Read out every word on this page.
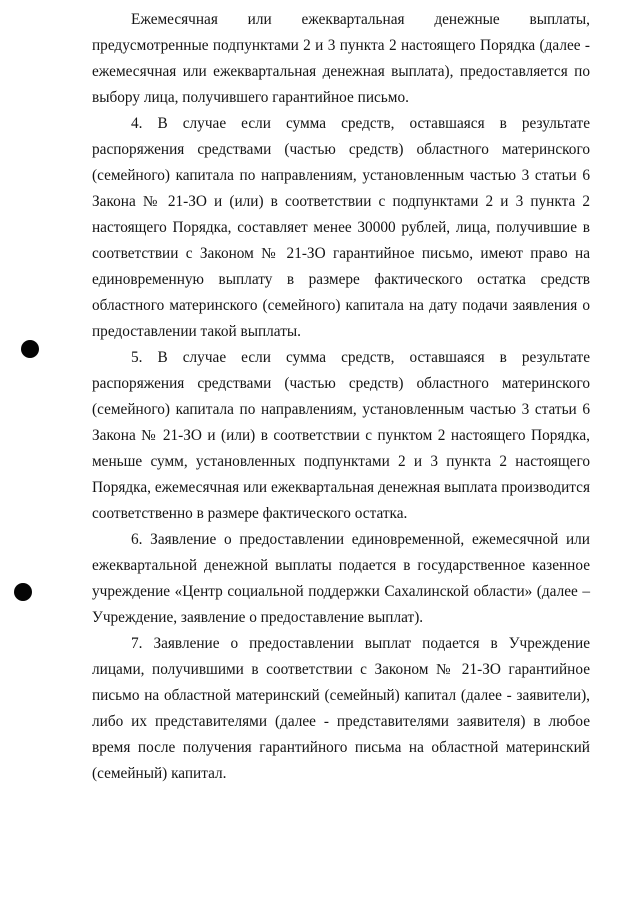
Ежемесячная или ежеквартальная денежные выплаты, предусмотренные подпунктами 2 и 3 пункта 2 настоящего Порядка (далее - ежемесячная или ежеквартальная денежная выплата), предоставляется по выбору лица, получившего гарантийное письмо.

4. В случае если сумма средств, оставшаяся в результате распоряжения средствами (частью средств) областного материнского (семейного) капитала по направлениям, установленным частью 3 статьи 6 Закона № 21-ЗО и (или) в соответствии с подпунктами 2 и 3 пункта 2 настоящего Порядка, составляет менее 30000 рублей, лица, получившие в соответствии с Законом № 21-ЗО гарантийное письмо, имеют право на единовременную выплату в размере фактического остатка средств областного материнского (семейного) капитала на дату подачи заявления о предоставлении такой выплаты.

5. В случае если сумма средств, оставшаяся в результате распоряжения средствами (частью средств) областного материнского (семейного) капитала по направлениям, установленным частью 3 статьи 6 Закона № 21-ЗО и (или) в соответствии с пунктом 2 настоящего Порядка, меньше сумм, установленных подпунктами 2 и 3 пункта 2 настоящего Порядка, ежемесячная или ежеквартальная денежная выплата производится соответственно в размере фактического остатка.

6. Заявление о предоставлении единовременной, ежемесячной или ежеквартальной денежной выплаты подается в государственное казенное учреждение «Центр социальной поддержки Сахалинской области» (далее – Учреждение, заявление о предоставление выплат).

7. Заявление о предоставлении выплат подается в Учреждение лицами, получившими в соответствии с Законом № 21-ЗО гарантийное письмо на областной материнский (семейный) капитал (далее - заявители), либо их представителями (далее - представителями заявителя) в любое время после получения гарантийного письма на областной материнский (семейный) капитал.
